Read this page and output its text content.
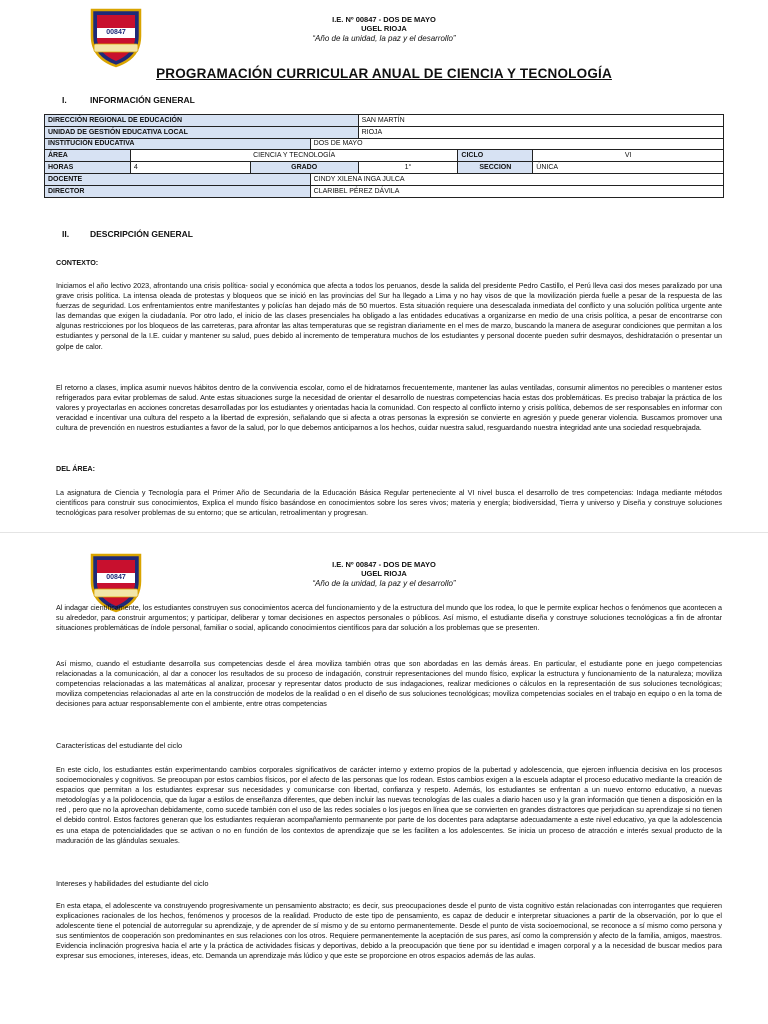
00847
I.E. Nº 00847 - DOS DE MAYO
UGEL RIOJA
“Año de la unidad, la paz y el desarrollo”
PROGRAMACIÓN CURRICULAR ANUAL DE CIENCIA Y TECNOLOGÍA
I.	INFORMACIÓN GENERAL
DIRECCIÓN REGIONAL DE EDUCACIÓN				SAN MARTÍN		
UNIDAD DE GESTIÓN EDUCATIVA LOCAL				RIOJA		
INSTITUCIÓN EDUCATIVA			DOS DE MAYO			
ÁREA	CIENCIA Y TECNOLOGÍA				CICLO	VI
HORAS	4	GRADO		1°	SECCION	ÚNICA
DOCENTE			CINDY XILENA INGA JULCA			
DIRECTOR			CLARIBEL PÉREZ DÁVILA			
II. DESCRIPCIÓN GENERAL
CONTEXTO:
Iniciamos el año lectivo 2023, afrontando una crisis política- social y económica que afecta a todos los peruanos, desde la salida del presidente Pedro Castillo, el Perú lleva casi dos meses paralizado por una grave crisis política. La intensa oleada de protestas y bloqueos que se inició en las provincias del Sur ha llegado a Lima y no hay visos de que la movilización pierda fuelle a pesar de la respuesta de las fuerzas de seguridad. Los enfrentamientos entre manifestantes y policías han dejado más de 50 muertos. Esta situación requiere una desescalada inmediata del conflicto y una solución política urgente ante las demandas que exigen la ciudadanía. Por otro lado, el inicio de las clases presenciales ha obligado a las entidades educativas a organizarse en medio de una crisis política, a pesar de encontrarse con algunas restricciones por los bloqueos de las carreteras, para afrontar las altas temperaturas que se registran diariamente en el mes de marzo, buscando la manera de asegurar condiciones que permitan a los estudiantes y personal de la I.E. cuidar y mantener su salud, pues debido al incremento de temperatura muchos de los estudiantes y personal docente pueden sufrir desmayos, deshidratación o presentar un golpe de calor.
El retorno a clases, implica asumir nuevos hábitos dentro de la convivencia escolar, como el de hidratarnos frecuentemente, mantener las aulas ventiladas, consumir alimentos no perecibles o mantener estos refrigerados para evitar problemas de salud. Ante estas situaciones surge la necesidad de orientar el desarrollo de nuestras competencias hacia estas dos problemáticas. Es preciso trabajar la práctica de los valores y proyectarlas en acciones concretas desarrolladas por los estudiantes y orientadas hacia la comunidad. Con respecto al conflicto interno y crisis política, debemos de ser responsables en informar con veracidad e incentivar una cultura del respeto a la libertad de expresión, señalando que si afecta a otras personas la expresión se convierte en agresión y puede generar violencia. Buscamos promover una cultura de prevención en nuestros estudiantes a favor de la salud, por lo que debemos anticiparnos a los hechos, cuidar nuestra salud, resguardando nuestra integridad ante una sociedad resquebrajada.
DEL ÁREA:
La asignatura de Ciencia y Tecnología para el Primer Año de Secundaria de la Educación Básica Regular perteneciente al VI nivel busca el desarrollo de tres competencias: Indaga mediante métodos científicos para construir sus conocimientos, Explica el mundo físico basándose en conocimientos sobre los seres vivos; materia y energía; biodiversidad, Tierra y universo y Diseña y construye soluciones tecnológicas para resolver problemas de su entorno; que se articulan, retroalimentan y progresan.
00847
I.E. Nº 00847 - DOS DE MAYO
UGEL RIOJA
“Año de la unidad, la paz y el desarrollo”
Al indagar científicamente, los estudiantes construyen sus conocimientos acerca del funcionamiento y de la estructura del mundo que los rodea, lo que le permite explicar hechos o fenómenos que acontecen a su alrededor, para construir argumentos; y participar, deliberar y tomar decisiones en aspectos personales o públicos. Así mismo, el estudiante diseña y construye soluciones tecnológicas a fin de afrontar situaciones problemáticas de índole personal, familiar o social, aplicando conocimientos científicos para dar solución a los problemas que se presenten.
Así mismo, cuando el estudiante desarrolla sus competencias desde el área moviliza también otras que son abordadas en las demás áreas. En particular, el estudiante pone en juego competencias relacionadas a la comunicación, al dar a conocer los resultados de su proceso de indagación, construir representaciones del mundo físico, explicar la estructura y funcionamiento de la naturaleza; moviliza competencias relacionadas a las matemáticas al analizar, procesar y representar datos producto de sus indagaciones, realizar mediciones o cálculos en la representación de sus soluciones tecnológicas; moviliza competencias relacionadas al arte en la construcción de modelos de la realidad o en el diseño de sus soluciones tecnológicas; moviliza competencias sociales en el trabajo en equipo o en la toma de decisiones para actuar responsablemente con el ambiente, entre otras competencias
Características del estudiante del ciclo
En este ciclo, los estudiantes están experimentando cambios corporales significativos de carácter interno y externo propios de la pubertad y adolescencia, que ejercen influencia decisiva en los procesos socioemocionales y cognitivos. Se preocupan por estos cambios físicos, por el afecto de las personas que los rodean. Estos cambios exigen a la escuela adaptar el proceso educativo mediante la creación de espacios que permitan a los estudiantes expresar sus necesidades y comunicarse con libertad, confianza y respeto. Además, los estudiantes se enfrentan a un nuevo entorno educativo, a nuevas metodologías y a la polidocencia, que da lugar a estilos de enseñanza diferentes, que deben incluir las nuevas tecnologías de las cuales a diario hacen uso y la gran información que tienen a disposición en la red , pero que no la aprovechan debidamente, como sucede también con el uso de las redes sociales o los juegos en línea que se convierten en grandes distractores que perjudican su aprendizaje si no tienen el debido control. Estos factores generan que los estudiantes requieran acompañamiento permanente por parte de los docentes para adaptarse adecuadamente a este nivel educativo, ya que la adolescencia es una etapa de potencialidades que se activan o no en función de los contextos de aprendizaje que se les faciliten a los adolescentes. Se inicia un proceso de atracción e interés sexual producto de la maduración de las glándulas sexuales.
Intereses y habilidades del estudiante del ciclo
En esta etapa, el adolescente va construyendo progresivamente un pensamiento abstracto; es decir, sus preocupaciones desde el punto de vista cognitivo están relacionadas con interrogantes que requieren explicaciones racionales de los hechos, fenómenos y procesos de la realidad. Producto de este tipo de pensamiento, es capaz de deducir e interpretar situaciones a partir de la observación, por lo que el adolescente tiene el potencial de autorregular su aprendizaje, y de aprender de sí mismo y de su entorno permanentemente. Desde el punto de vista socioemocional, se reconoce a sí mismo como persona y sus sentimientos de cooperación son predominantes en sus relaciones con los otros. Requiere permanentemente la aceptación de sus pares, así como la comprensión y afecto de la familia, amigos, maestros. Evidencia inclinación progresiva hacia el arte y la práctica de actividades físicas y deportivas, debido a la preocupación que tiene por su identidad e imagen corporal y a la necesidad de buscar medios para expresar sus emociones, intereses, ideas, etc. Demanda un aprendizaje más lúdico y que este se proporcione en otros espacios además de las aulas.
